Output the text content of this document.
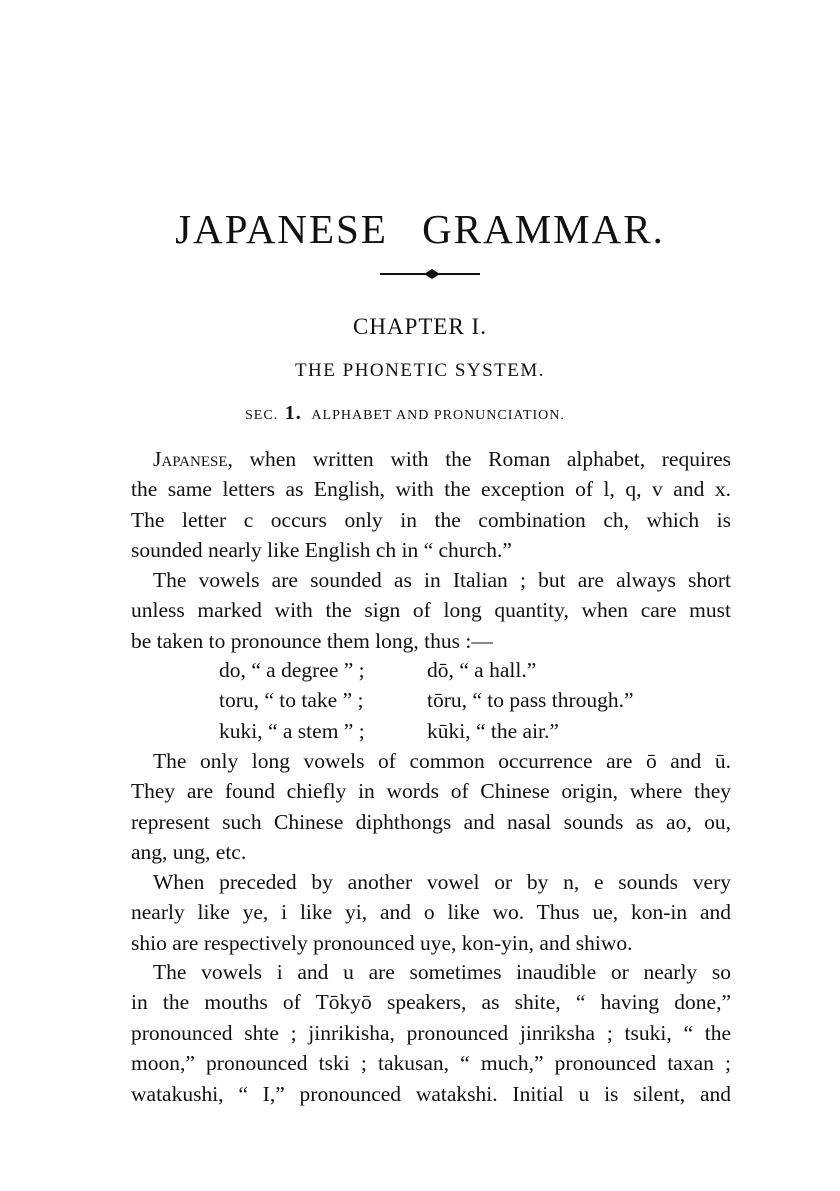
JAPANESE GRAMMAR.
CHAPTER I.
THE PHONETIC SYSTEM.
SEC. 1. ALPHABET AND PRONUNCIATION.
Japanese, when written with the Roman alphabet, requires
the same letters as English, with the exception of l, q, v and x.
The letter c occurs only in the combination ch, which is
sounded nearly like English ch in “ church.”
The vowels are sounded as in Italian ; but are always short
unless marked with the sign of long quantity, when care must
be taken to pronounce them long, thus :—
do, “ a degree ” ;	dō, “ a hall.”
toru, “ to take ” ;	tōru, “ to pass through.”
kuki, “ a stem ” ;	kūki, “ the air.”
The only long vowels of common occurrence are ō and ū.
They are found chiefly in words of Chinese origin, where they
represent such Chinese diphthongs and nasal sounds as ao, ou,
ang, ung, etc.
When preceded by another vowel or by n, e sounds very
nearly like ye, i like yi, and o like wo. Thus ue, kon-in and
shio are respectively pronounced uye, kon-yin, and shiwo.
The vowels i and u are sometimes inaudible or nearly so
in the mouths of Tōkyō speakers, as shite, “ having done,”
pronounced shte ; jinrikisha, pronounced jinriksha ; tsuki, “ the
moon,” pronounced tski ; takusan, “ much,” pronounced taxan ;
watakushi, “ I,” pronounced watakshi. Initial u is silent, and
